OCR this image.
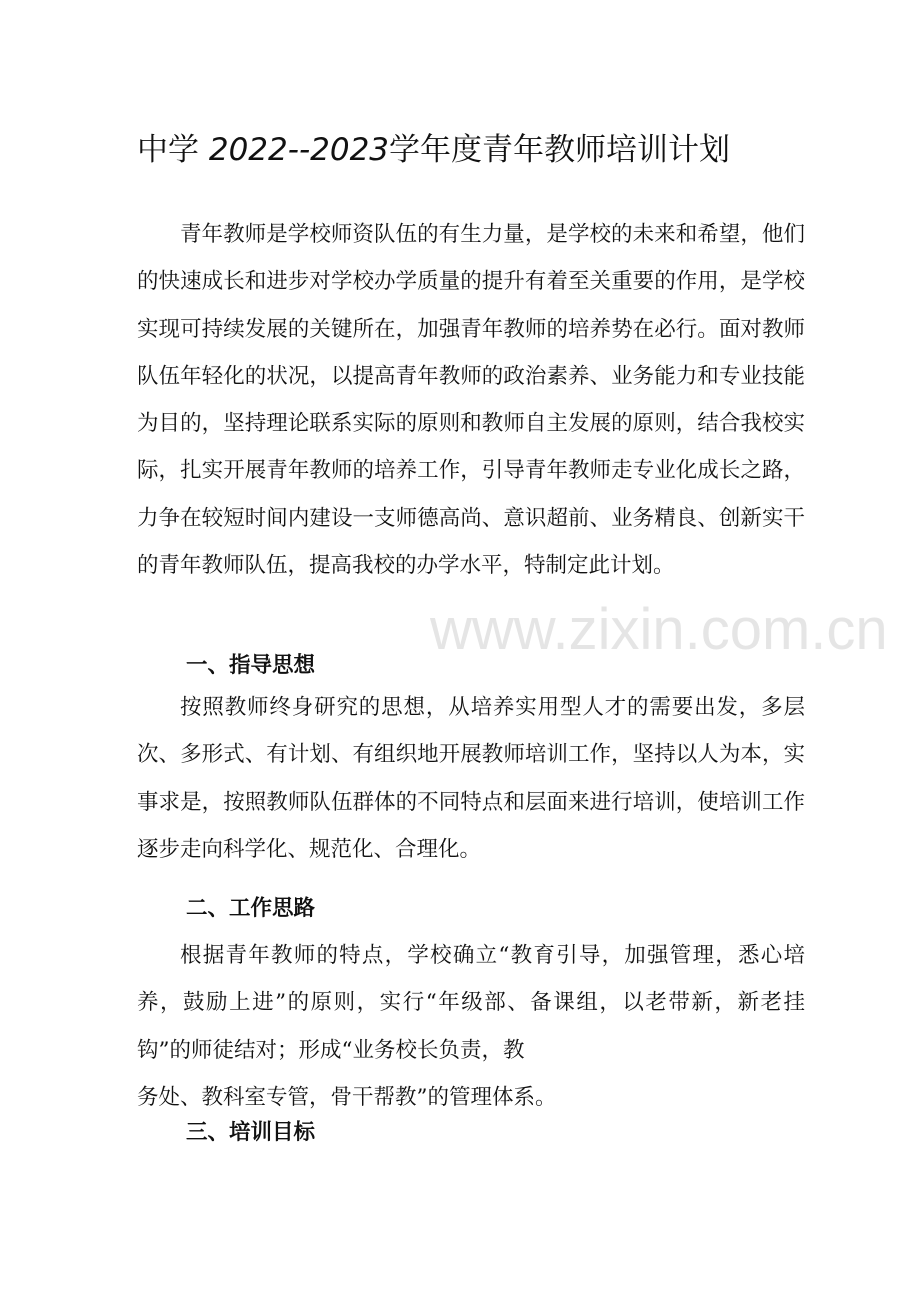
中学 2022--2023学年度青年教师培训计划

青年教师是学校师资队伍的有生力量，是学校的未来和希望，他们的快速成长和进步对学校办学质量的提升有着至关重要的作用，是学校实现可持续发展的关键所在，加强青年教师的培养势在必行。面对教师队伍年轻化的状况，以提高青年教师的政治素养、业务能力和专业技能为目的，坚持理论联系实际的原则和教师自主发展的原则，结合我校实际，扎实开展青年教师的培养工作，引导青年教师走专业化成长之路，力争在较短时间内建设一支师德高尚、意识超前、业务精良、创新实干的青年教师队伍，提高我校的办学水平，特制定此计划。

一、指导思想

按照教师终身研究的思想，从培养实用型人才的需要出发，多层次、多形式、有计划、有组织地开展教师培训工作，坚持以人为本，实事求是，按照教师队伍群体的不同特点和层面来进行培训，使培训工作逐步走向科学化、规范化、合理化。

二、工作思路
根据青年教师的特点，学校确立“教育引导，加强管理，悉心培养，鼓励上进”的原则，实行“年级部、备课组，以老带新，新老挂钩”的师徒结对；形成“业务校长负责，教
务处、教科室专管，骨干帮教”的管理体系。
三、培训目标
www.zixin.com.cn
